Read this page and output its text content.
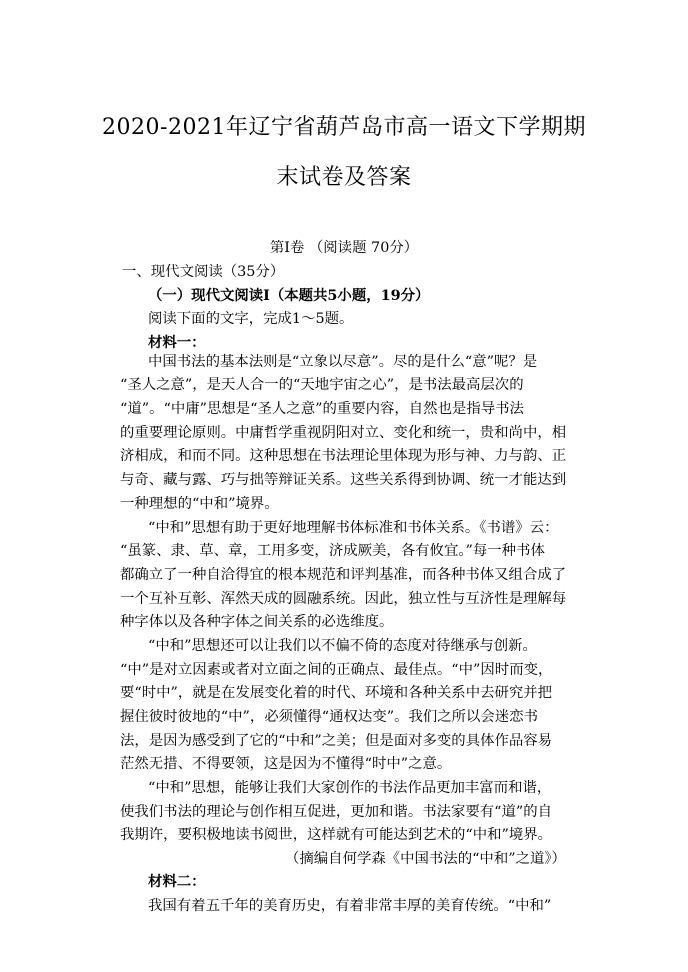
2020-2021年辽宁省葫芦岛市高一语文下学期期
末试卷及答案
第Ⅰ卷 （阅读题 70分）
一、现代文阅读（35分）
（一）现代文阅读Ⅰ（本题共5小题，19分）
阅读下面的文字，完成1～5题。
材料一：
中国书法的基本法则是“立象以尽意”。尽的是什么“意”呢？是
“圣人之意”，是天人合一的“天地宇宙之心”，是书法最高层次的
“道”。“中庸”思想是“圣人之意”的重要内容，自然也是指导书法
的重要理论原则。中庸哲学重视阴阳对立、变化和统一，贵和尚中，相
济相成，和而不同。这种思想在书法理论里体现为形与神、力与韵、正
与奇、藏与露、巧与拙等辩证关系。这些关系得到协调、统一才能达到
一种理想的“中和”境界。
“中和”思想有助于更好地理解书体标准和书体关系。《书谱》云：
“虽篆、隶、草、章，工用多变，济成厥美，各有攸宜。”每一种书体
都确立了一种自洽得宜的根本规范和评判基准，而各种书体又组合成了
一个互补互彰、浑然天成的圆融系统。因此，独立性与互济性是理解每
种字体以及各种字体之间关系的必选维度。
“中和”思想还可以让我们以不偏不倚的态度对待继承与创新。
“中”是对立因素或者对立面之间的正确点、最佳点。“中”因时而变，
要“时中”，就是在发展变化着的时代、环境和各种关系中去研究并把
握住彼时彼地的“中”，必须懂得“通权达变”。我们之所以会迷恋书
法，是因为感受到了它的“中和”之美；但是面对多变的具体作品容易
茫然无措、不得要领，这是因为不懂得“时中”之意。
“中和”思想，能够让我们大家创作的书法作品更加丰富而和谐，
使我们书法的理论与创作相互促进，更加和谐。书法家要有“道”的自
我期许，要积极地读书阅世，这样就有可能达到艺术的“中和”境界。
（摘编自何学森《中国书法的“中和”之道》）
材料二：
我国有着五千年的美育历史，有着非常丰厚的美育传统。“中和”
